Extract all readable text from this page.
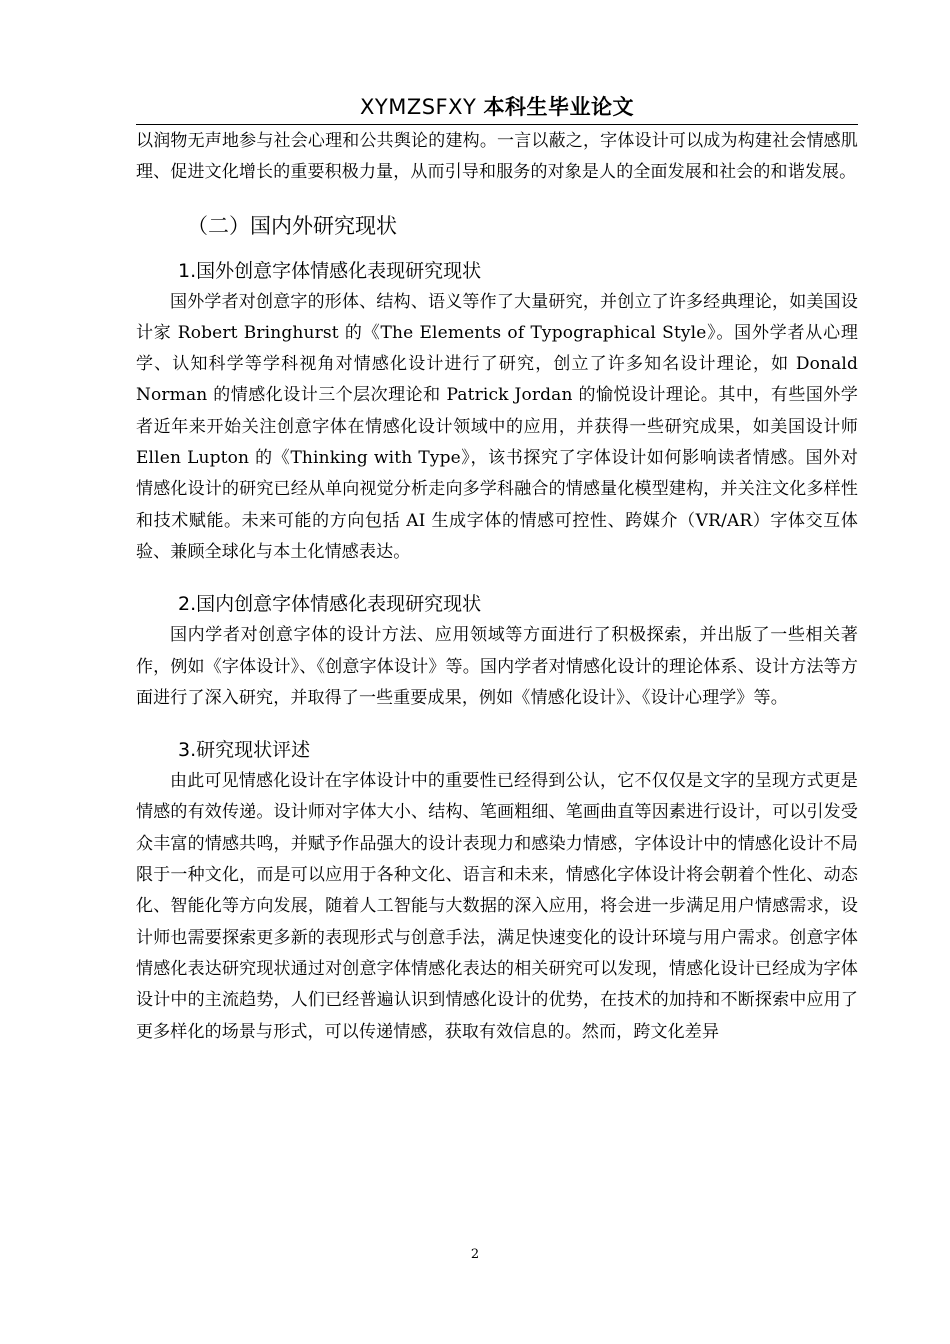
XYMZSFXY 本科生毕业论文

以润物无声地参与社会心理和公共舆论的建构。一言以蔽之，字体设计可以成为构建社会情感肌理、促进文化增长的重要积极力量，从而引导和服务的对象是人的全面发展和社会的和谐发展。

（二）国内外研究现状
1.国外创意字体情感化表现研究现状

国外学者对创意字的形体、结构、语义等作了大量研究，并创立了许多经典理论，如美国设计家 Robert Bringhurst 的《The Elements of Typographical Style》。国外学者从心理学、认知科学等学科视角对情感化设计进行了研究，创立了许多知名设计理论，如 Donald Norman 的情感化设计三个层次理论和 Patrick Jordan 的愉悦设计理论。其中，有些国外学者近年来开始关注创意字体在情感化设计领域中的应用，并获得一些研究成果，如美国设计师 Ellen Lupton 的《Thinking with Type》，该书探究了字体设计如何影响读者情感。国外对情感化设计的研究已经从单向视觉分析走向多学科融合的情感量化模型建构，并关注文化多样性和技术赋能。未来可能的方向包括 AI 生成字体的情感可控性、跨媒介（VR/AR）字体交互体验、兼顾全球化与本土化情感表达。

2.国内创意字体情感化表现研究现状

国内学者对创意字体的设计方法、应用领域等方面进行了积极探索，并出版了一些相关著作，例如《字体设计》、《创意字体设计》等。国内学者对情感化设计的理论体系、设计方法等方面进行了深入研究，并取得了一些重要成果，例如《情感化设计》、《设计心理学》等。

3.研究现状评述

由此可见情感化设计在字体设计中的重要性已经得到公认，它不仅仅是文字的呈现方式更是情感的有效传递。设计师对字体大小、结构、笔画粗细、笔画曲直等因素进行设计，可以引发受众丰富的情感共鸣，并赋予作品强大的设计表现力和感染力情感，字体设计中的情感化设计不局限于一种文化，而是可以应用于各种文化、语言和未来，情感化字体设计将会朝着个性化、动态化、智能化等方向发展，随着人工智能与大数据的深入应用，将会进一步满足用户情感需求，设计师也需要探索更多新的表现形式与创意手法，满足快速变化的设计环境与用户需求。创意字体情感化表达研究现状通过对创意字体情感化表达的相关研究可以发现，情感化设计已经成为字体设计中的主流趋势，人们已经普遍认识到情感化设计的优势，在技术的加持和不断探索中应用了更多样化的场景与形式，可以传递情感，获取有效信息的。然而，跨文化差异

2
